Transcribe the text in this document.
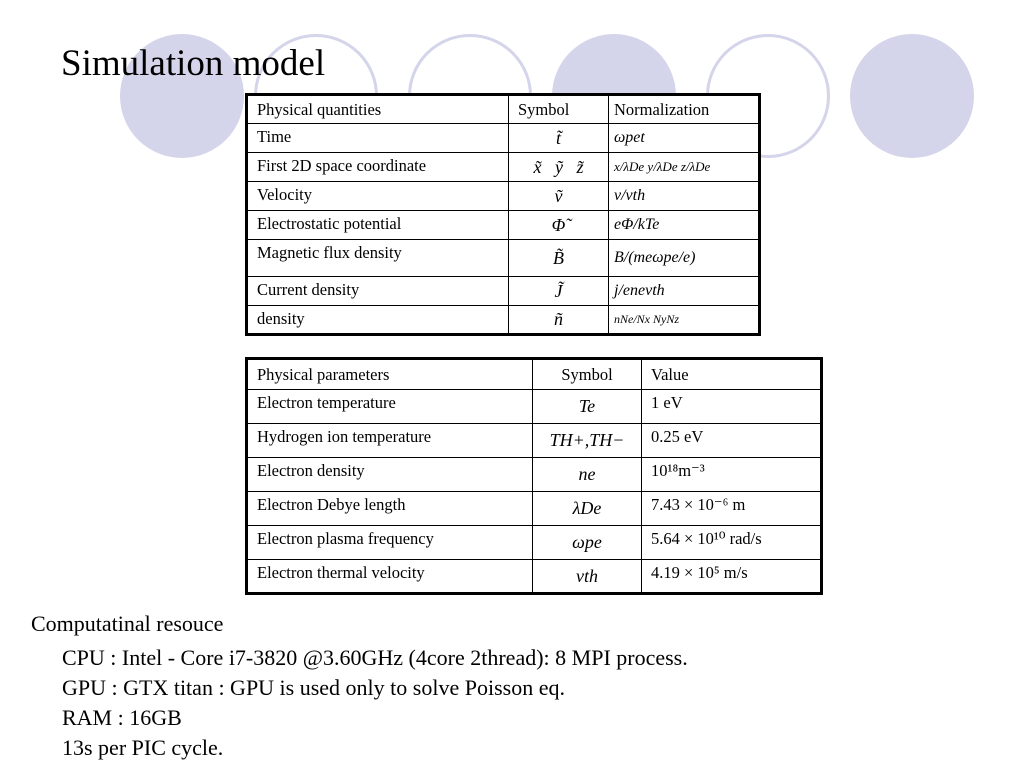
Simulation model
Physical quantities	Symbol	Normalization
Time	t̃	ωpet
First 2D space coordinate	x̃   ỹ   z̃	x/λDe y/λDe z/λDe
Velocity	ṽ	v/vth
Electrostatic potential	Φ̃	eΦ/kTe
Magnetic flux density	B̃	B/(meωpe/e)
Current density	J̃	j/enevth
density	ñ	nNe/Nx NyNz
Physical parameters	Symbol	Value
Electron temperature	Te	1 eV
Hydrogen ion temperature	TH+,TH−	0.25 eV
Electron density	ne	10¹⁸m⁻³
Electron Debye length	λDe	7.43 × 10⁻⁶ m
Electron plasma frequency	ωpe	5.64 × 10¹⁰ rad/s
Electron thermal velocity	vth	4.19 × 10⁵ m/s
Computatinal resouce
CPU : Intel - Core i7-3820 @3.60GHz (4core 2thread): 8 MPI process.
GPU : GTX titan : GPU is used only to solve Poisson eq.
RAM : 16GB
13s per PIC cycle.
